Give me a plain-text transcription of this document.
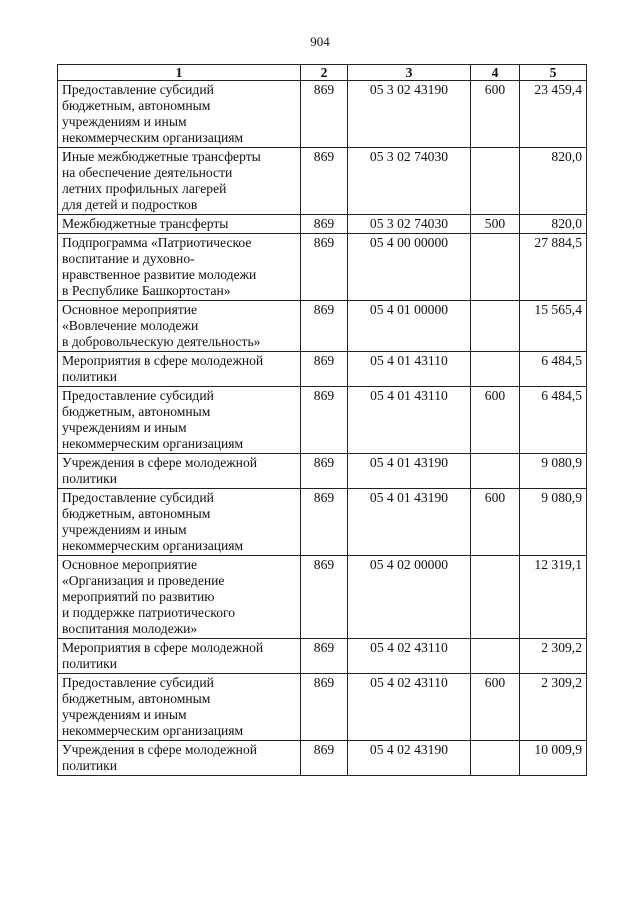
904
1	2	3	4	5
Предоставление субсидий
бюджетным, автономным
учреждениям и иным
некоммерческим организациям	869	05 3 02 43190	600	23 459,4
Иные межбюджетные трансферты
на обеспечение деятельности
летних профильных лагерей
для детей и подростков	869	05 3 02 74030		820,0
Межбюджетные трансферты	869	05 3 02 74030	500	820,0
Подпрограмма «Патриотическое
воспитание и духовно-
нравственное развитие молодежи
в Республике Башкортостан»	869	05 4 00 00000		27 884,5
Основное мероприятие
«Вовлечение молодежи
в добровольческую деятельность»	869	05 4 01 00000		15 565,4
Мероприятия в сфере молодежной
политики	869	05 4 01 43110		6 484,5
Предоставление субсидий
бюджетным, автономным
учреждениям и иным
некоммерческим организациям	869	05 4 01 43110	600	6 484,5
Учреждения в сфере молодежной
политики	869	05 4 01 43190		9 080,9
Предоставление субсидий
бюджетным, автономным
учреждениям и иным
некоммерческим организациям	869	05 4 01 43190	600	9 080,9
Основное мероприятие
«Организация и проведение
мероприятий по развитию
и поддержке патриотического
воспитания молодежи»	869	05 4 02 00000		12 319,1
Мероприятия в сфере молодежной
политики	869	05 4 02 43110		2 309,2
Предоставление субсидий
бюджетным, автономным
учреждениям и иным
некоммерческим организациям	869	05 4 02 43110	600	2 309,2
Учреждения в сфере молодежной
политики	869	05 4 02 43190		10 009,9
